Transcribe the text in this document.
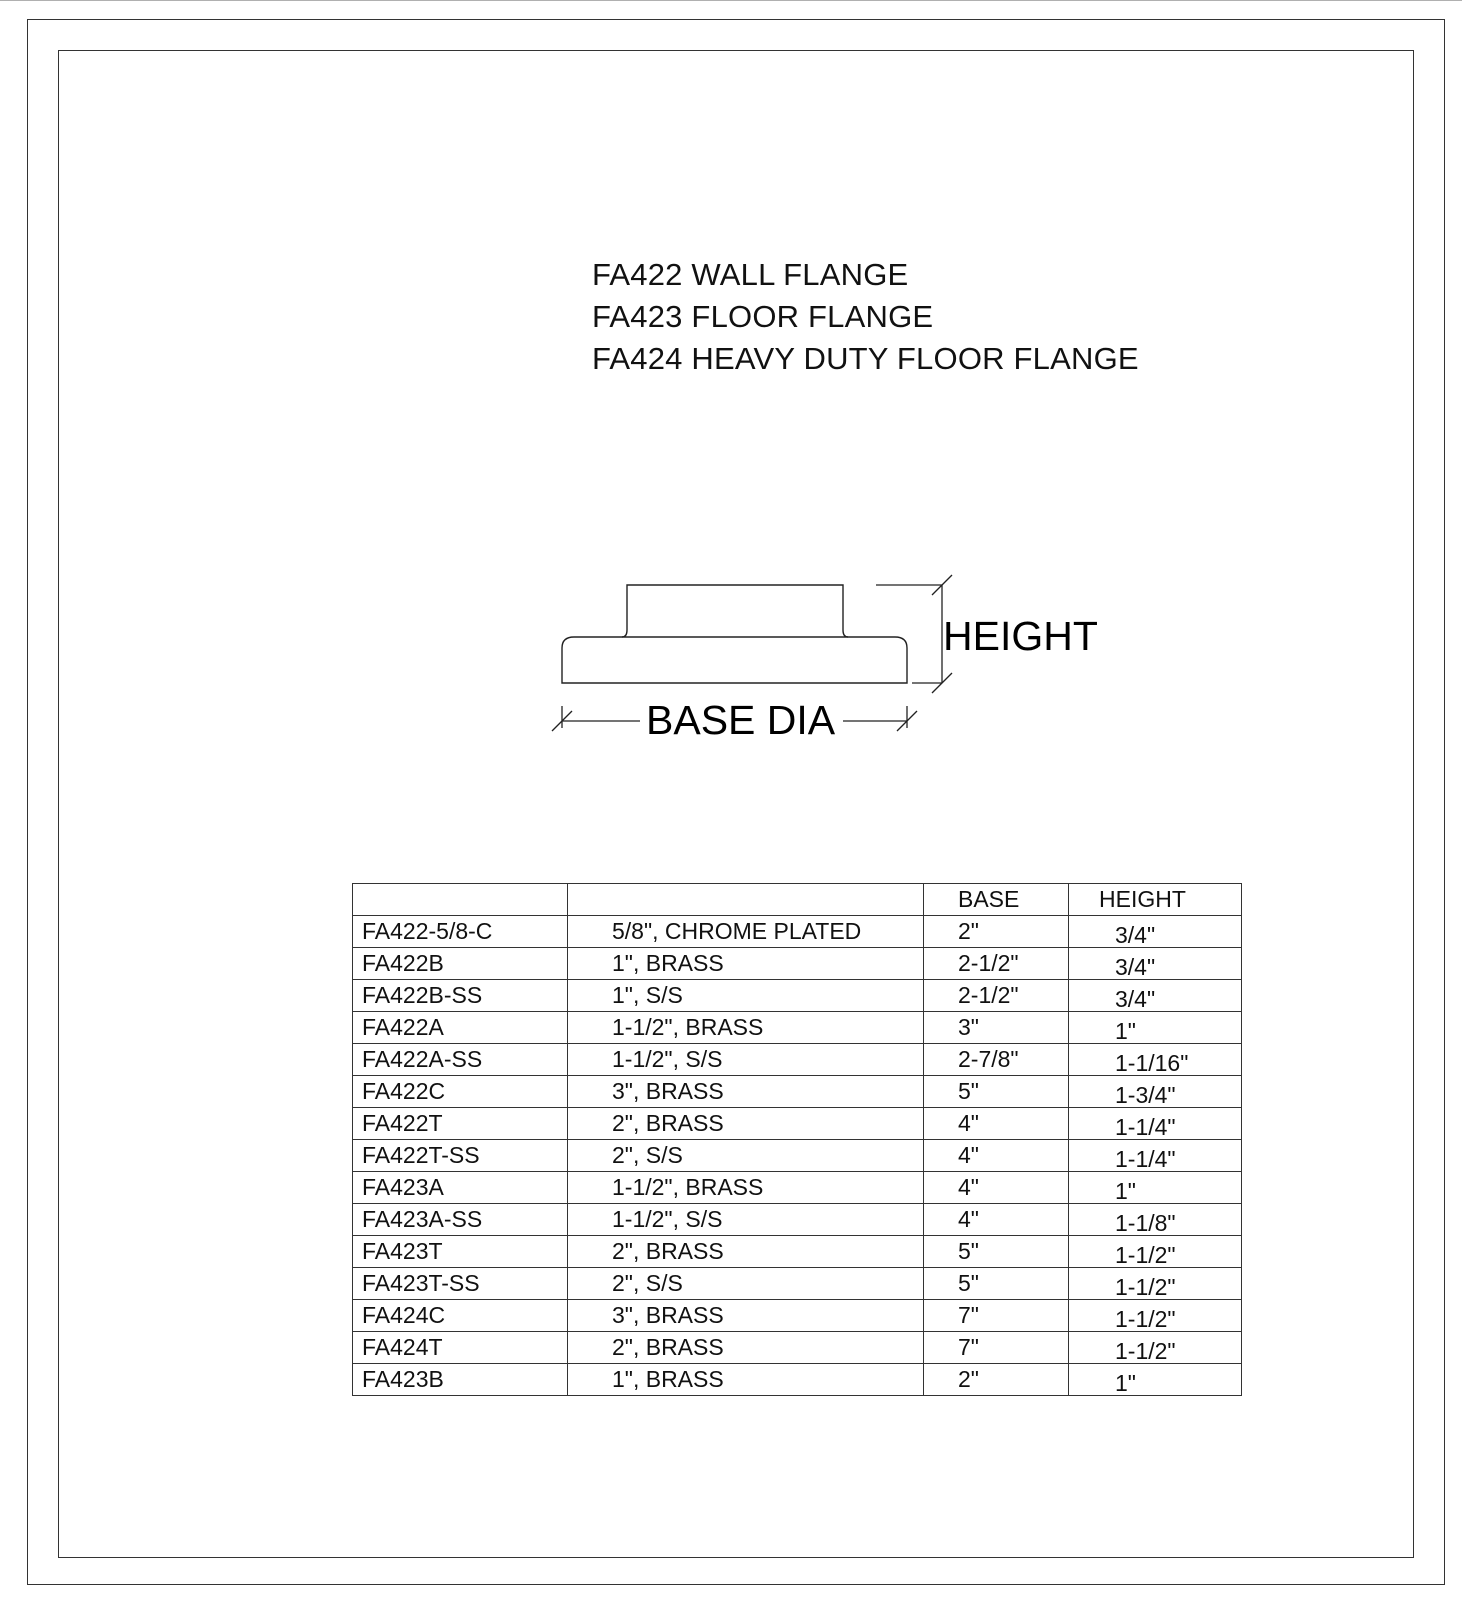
FA422 WALL FLANGE
FA423 FLOOR FLANGE
FA424 HEAVY DUTY FLOOR FLANGE
HEIGHT
BASE DIA
		BASE	HEIGHT
FA422-5/8-C	5/8", CHROME PLATED	2"	3/4"
FA422B	1", BRASS	2-1/2"	3/4"
FA422B-SS	1", S/S	2-1/2"	3/4"
FA422A	1-1/2", BRASS	3"	1"
FA422A-SS	1-1/2", S/S	2-7/8"	1-1/16"
FA422C	3", BRASS	5"	1-3/4"
FA422T	2", BRASS	4"	1-1/4"
FA422T-SS	2", S/S	4"	1-1/4"
FA423A	1-1/2", BRASS	4"	1"
FA423A-SS	1-1/2", S/S	4"	1-1/8"
FA423T	2", BRASS	5"	1-1/2"
FA423T-SS	2", S/S	5"	1-1/2"
FA424C	3", BRASS	7"	1-1/2"
FA424T	2", BRASS	7"	1-1/2"
FA423B	1", BRASS	2"	1"
